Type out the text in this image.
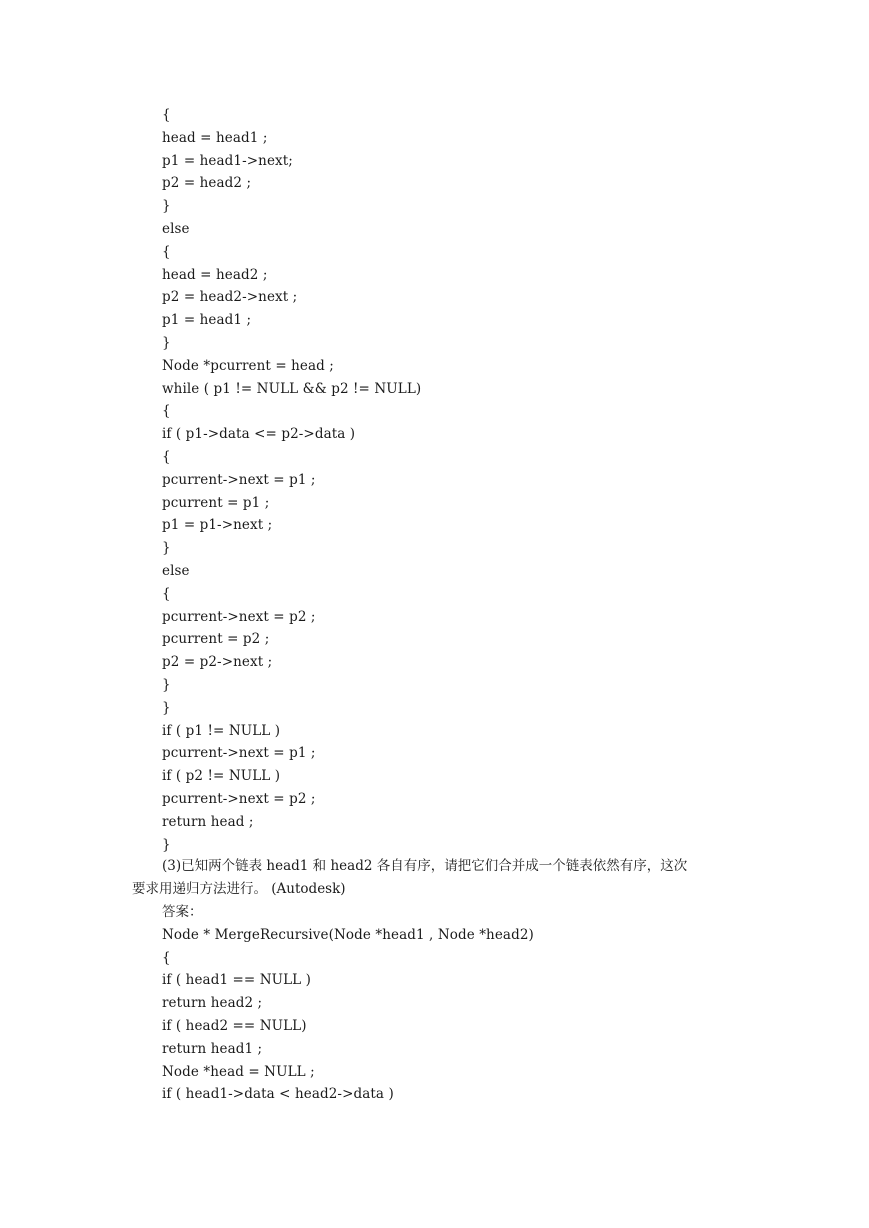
{
head = head1 ;
p1 = head1->next;
p2 = head2 ;
}
else
{
head = head2 ;
p2 = head2->next ;
p1 = head1 ;
}
Node *pcurrent = head ;
while ( p1 != NULL && p2 != NULL)
{
if ( p1->data <= p2->data )
{
pcurrent->next = p1 ;
pcurrent = p1 ;
p1 = p1->next ;
}
else
{
pcurrent->next = p2 ;
pcurrent = p2 ;
p2 = p2->next ;
}
}
if ( p1 != NULL )
pcurrent->next = p1 ;
if ( p2 != NULL )
pcurrent->next = p2 ;
return head ;
}
(3)已知两个链表 head1 和 head2 各自有序，请把它们合并成一个链表依然有序，这次
要求用递归方法进行。 (Autodesk)
答案：
Node * MergeRecursive(Node *head1 , Node *head2)
{
if ( head1 == NULL )
return head2 ;
if ( head2 == NULL)
return head1 ;
Node *head = NULL ;
if ( head1->data < head2->data )
